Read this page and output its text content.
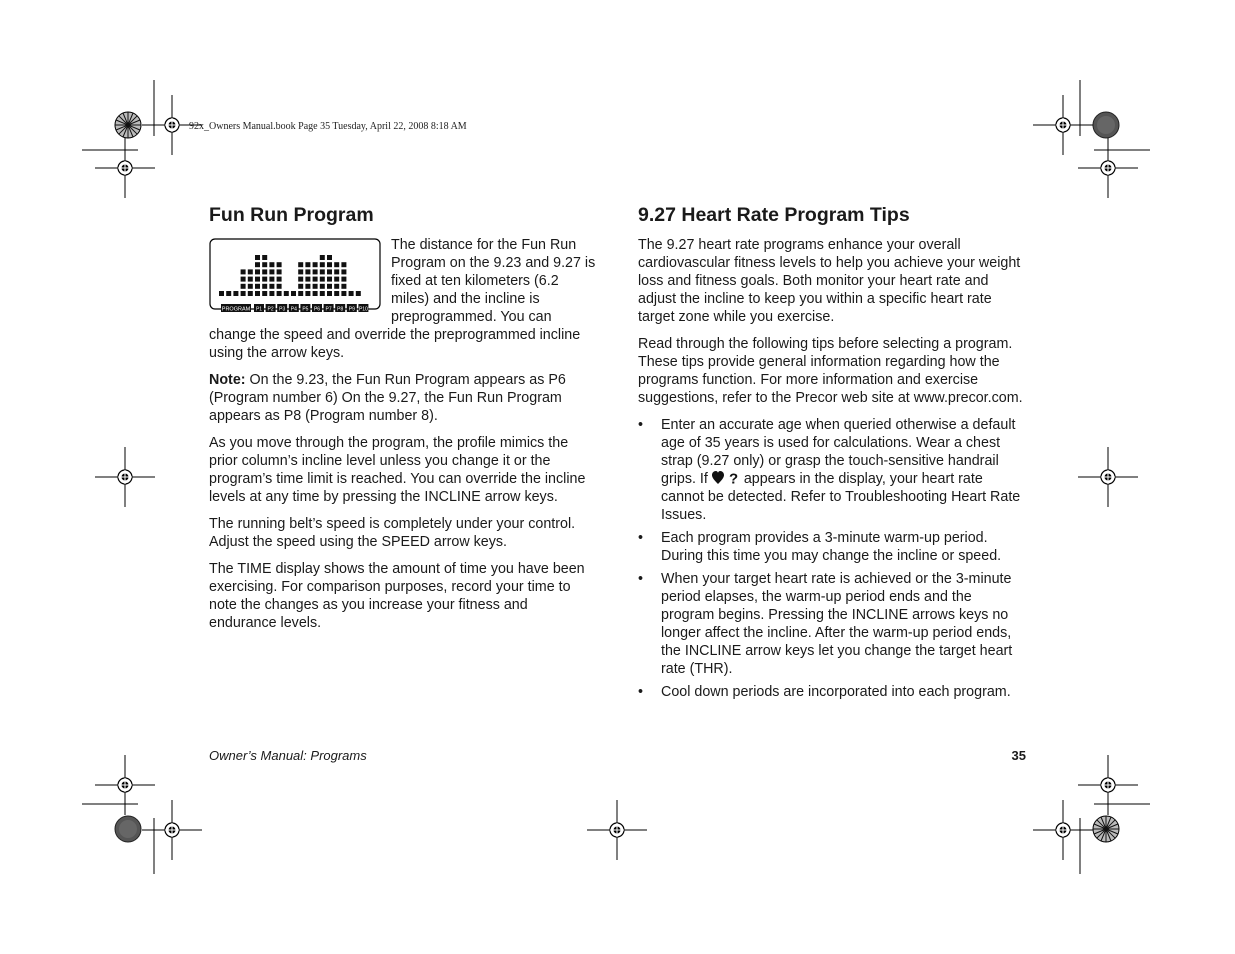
92x_Owners Manual.book Page 35 Tuesday, April 22, 2008 8:18 AM
Fun Run Program
PROGRAM P1 P2 P3 P4 P5 P6 P7 P8 P9 P10

The distance for the Fun Run Program on the 9.23 and 9.27 is fixed at ten kilometers (6.2 miles) and the incline is preprogrammed. You can change the speed and override the preprogrammed incline using the arrow keys.

Note: On the 9.23, the Fun Run Program appears as P6 (Program number 6) On the 9.27, the Fun Run Program appears as P8 (Program number 8).

As you move through the program, the profile mimics the prior column’s incline level unless you change it or the program’s time limit is reached. You can override the incline levels at any time by pressing the INCLINE arrow keys.

The running belt’s speed is completely under your control. Adjust the speed using the SPEED arrow keys.

The TIME display shows the amount of time you have been exercising. For comparison purposes, record your time to note the changes as you increase your fitness and endurance levels.

9.27 Heart Rate Program Tips

The 9.27 heart rate programs enhance your overall cardiovascular fitness levels to help you achieve your weight loss and fitness goals. Both monitor your heart rate and adjust the incline to keep you within a specific heart rate target zone while you exercise.

Read through the following tips before selecting a program. These tips provide general information regarding how the programs function. For more information and exercise suggestions, refer to the Precor web site at www.precor.com.

• Enter an accurate age when queried otherwise a default age of 35 years is used for calculations. Wear a chest strap (9.27 only) or grasp the touch-sensitive handrail grips. If ? appears in the display, your heart rate cannot be detected. Refer to Troubleshooting Heart Rate Issues.
• Each program provides a 3-minute warm-up period. During this time you may change the incline or speed.
• When your target heart rate is achieved or the 3-minute period elapses, the warm-up period ends and the program begins. Pressing the INCLINE arrows keys no longer affect the incline. After the warm-up period ends, the INCLINE arrow keys let you change the target heart rate (THR).
• Cool down periods are incorporated into each program.
Owner’s Manual: Programs	35
